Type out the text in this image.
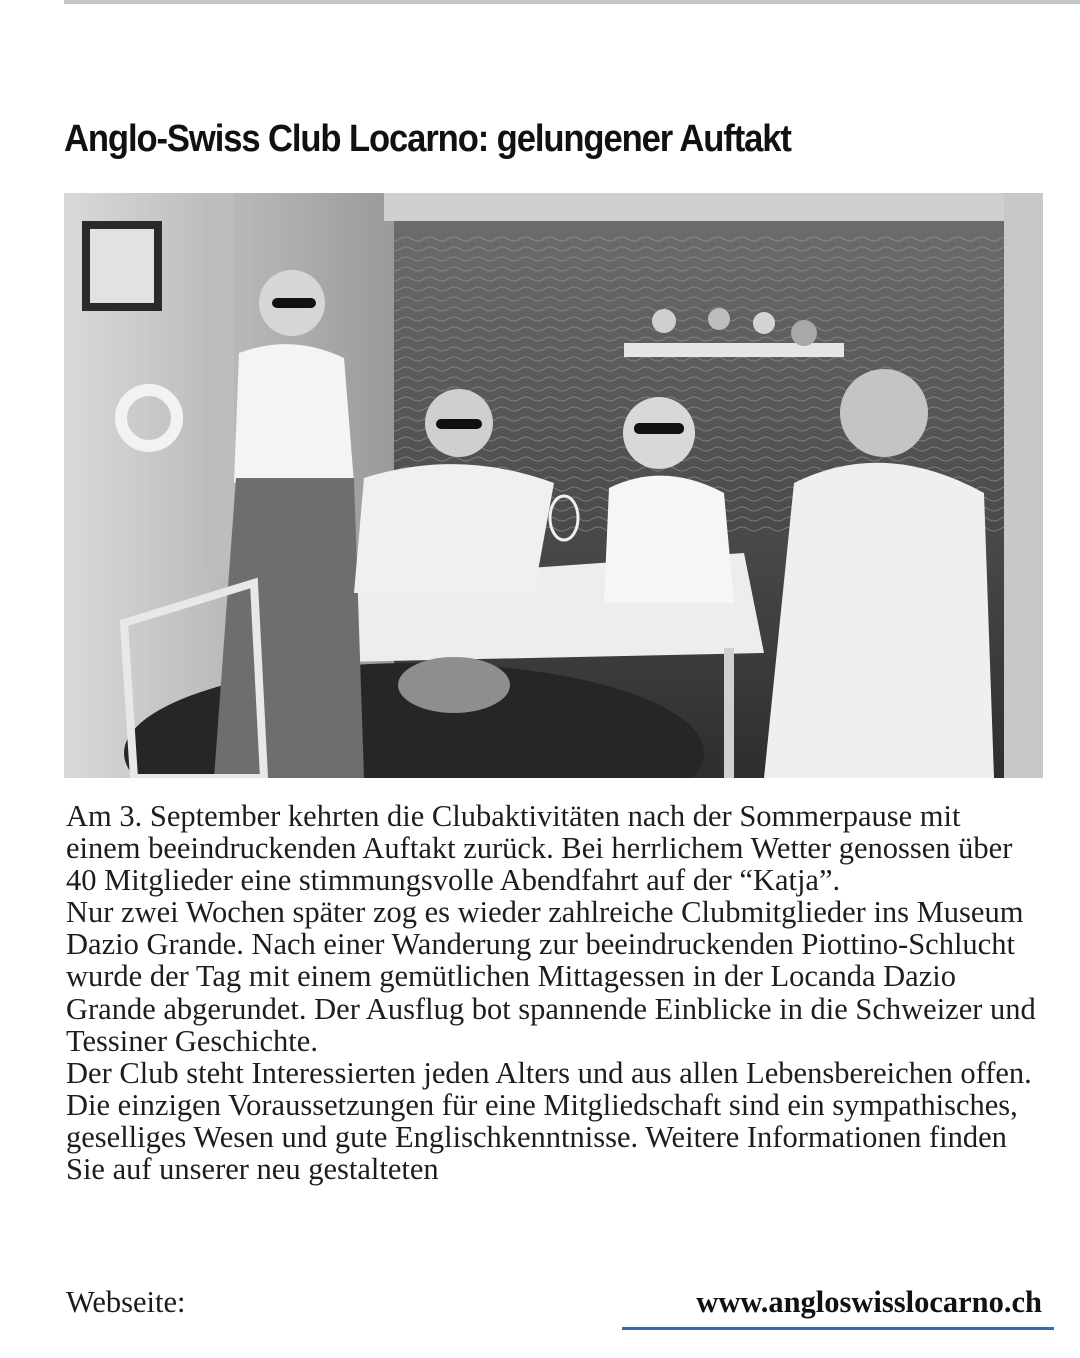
Anglo-Swiss Club Locarno: gelungener Auftakt

Am 3. September kehrten die Clubaktivitäten nach der Sommerpause mit einem beeindruckenden Auftakt zurück. Bei herrlichem Wetter genossen über 40 Mitglieder eine stimmungsvolle Abendfahrt auf der “Katja”.

Nur zwei Wochen später zog es wieder zahlreiche Clubmitglieder ins Museum Dazio Grande. Nach einer Wanderung zur beeindruckenden Piottino-Schlucht wurde der Tag mit einem gemütlichen Mittagessen in der Locanda Dazio Grande abgerundet. Der Ausflug bot spannende Einblicke in die Schweizer und Tessiner Geschichte.

Der Club steht Interessierten jeden Alters und aus allen Lebensbereichen offen. Die einzigen Voraussetzungen für eine Mitgliedschaft sind ein sympathisches, geselliges Wesen und gute Englischkenntnisse. Weitere Informationen finden Sie auf unserer neu gestalteten

Webseite:	www.angloswisslocarno.ch
